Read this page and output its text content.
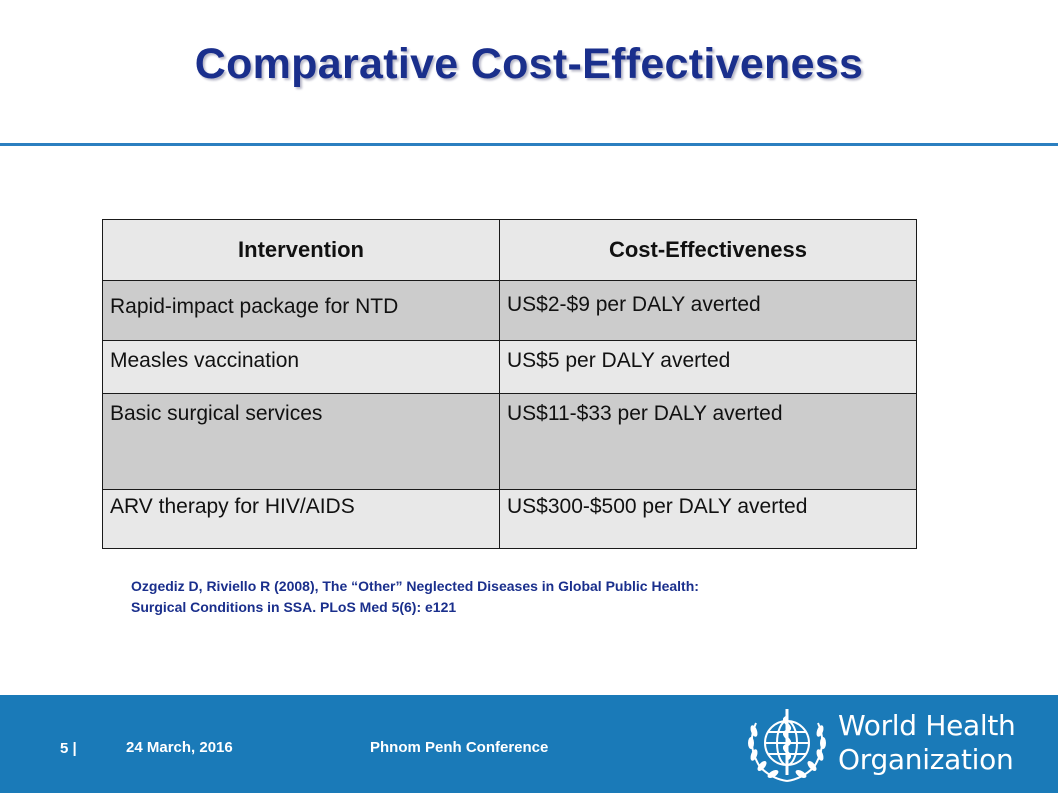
Comparative Cost-Effectiveness
Intervention	Cost-Effectiveness
Rapid-impact package for NTD	US$2-$9 per DALY averted
Measles vaccination	US$5 per DALY averted
Basic surgical services	US$11-$33 per DALY averted
ARV therapy for HIV/AIDS	US$300-$500 per DALY averted
Ozgediz D, Riviello R (2008), The “Other” Neglected Diseases in Global Public Health:
Surgical Conditions in SSA. PLoS Med 5(6): e121
5 |	24 March, 2016	Phnom Penh Conference
World Health
Organization
